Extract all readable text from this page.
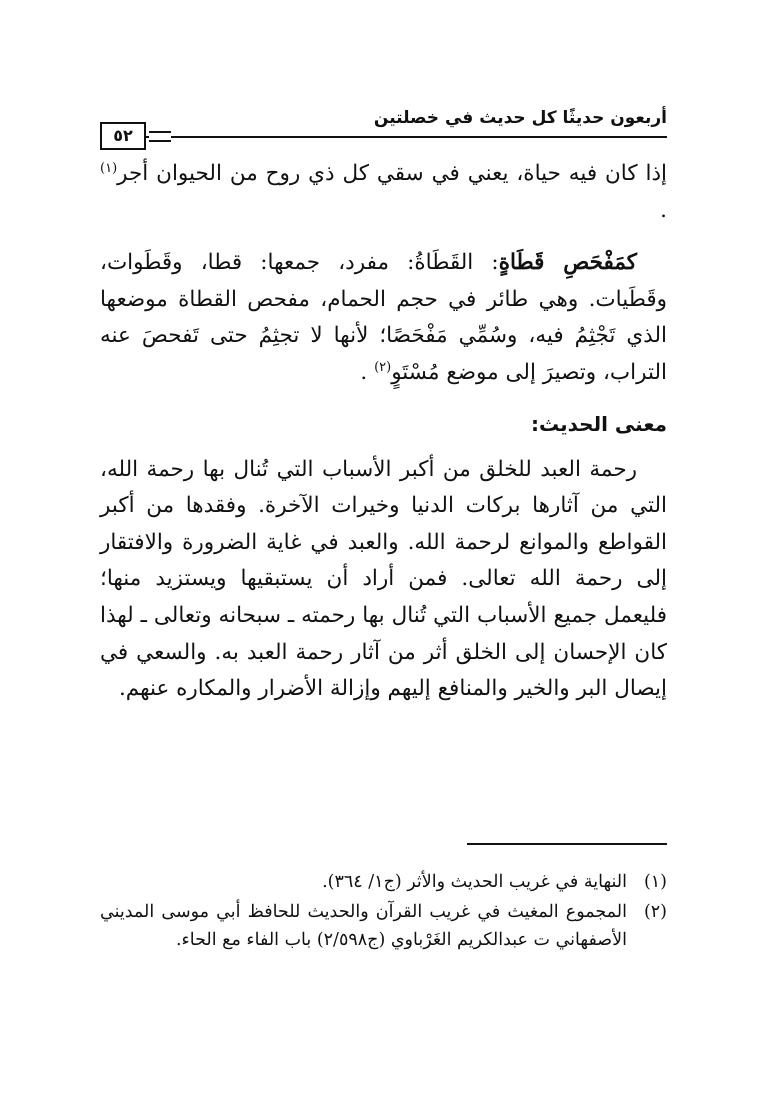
أربعون حديثًا كل حديث في خصلتين
٥٢

إذا كان فيه حياة، يعني في سقي كل ذي روح من الحيوان أجر$^{(١)}$ .

كمَفْحَصِ قَطَاةٍ: القَطَاةُ: مفرد، جمعها: قطا، وقَطَوات، وقَطَيات. وهي طائر في حجم الحمام، مفحص القطاة موضعها الذي تَجْثِمُ فيه، وسُمِّي مَفْحَصًا؛ لأنها لا تجثِمُ حتى تَفحصَ عنه التراب، وتصيرَ إلى موضع مُسْتَوٍ$^{(٢)}$ .

معنى الحديث:

رحمة العبد للخلق من أكبر الأسباب التي تُنال بها رحمة الله، التي من آثارها بركات الدنيا وخيرات الآخرة. وفقدها من أكبر القواطع والموانع لرحمة الله. والعبد في غاية الضرورة والافتقار إلى رحمة الله تعالى. فمن أراد أن يستبقيها ويستزيد منها؛ فليعمل جميع الأسباب التي تُنال بها رحمته ـ سبحانه وتعالى ـ لهذا كان الإحسان إلى الخلق أثر من آثار رحمة العبد به. والسعي في إيصال البر والخير والمنافع إليهم وإزالة الأضرار والمكاره عنهم.

(١)
النهاية في غريب الحديث والأثر (ج١/ ٣٦٤).
(٢)
المجموع المغيث في غريب القرآن والحديث للحافظ أبي موسى المديني الأصفهاني ت عبدالكريم الغَرْباوي (ج٢/٥٩٨) باب الفاء مع الحاء.
